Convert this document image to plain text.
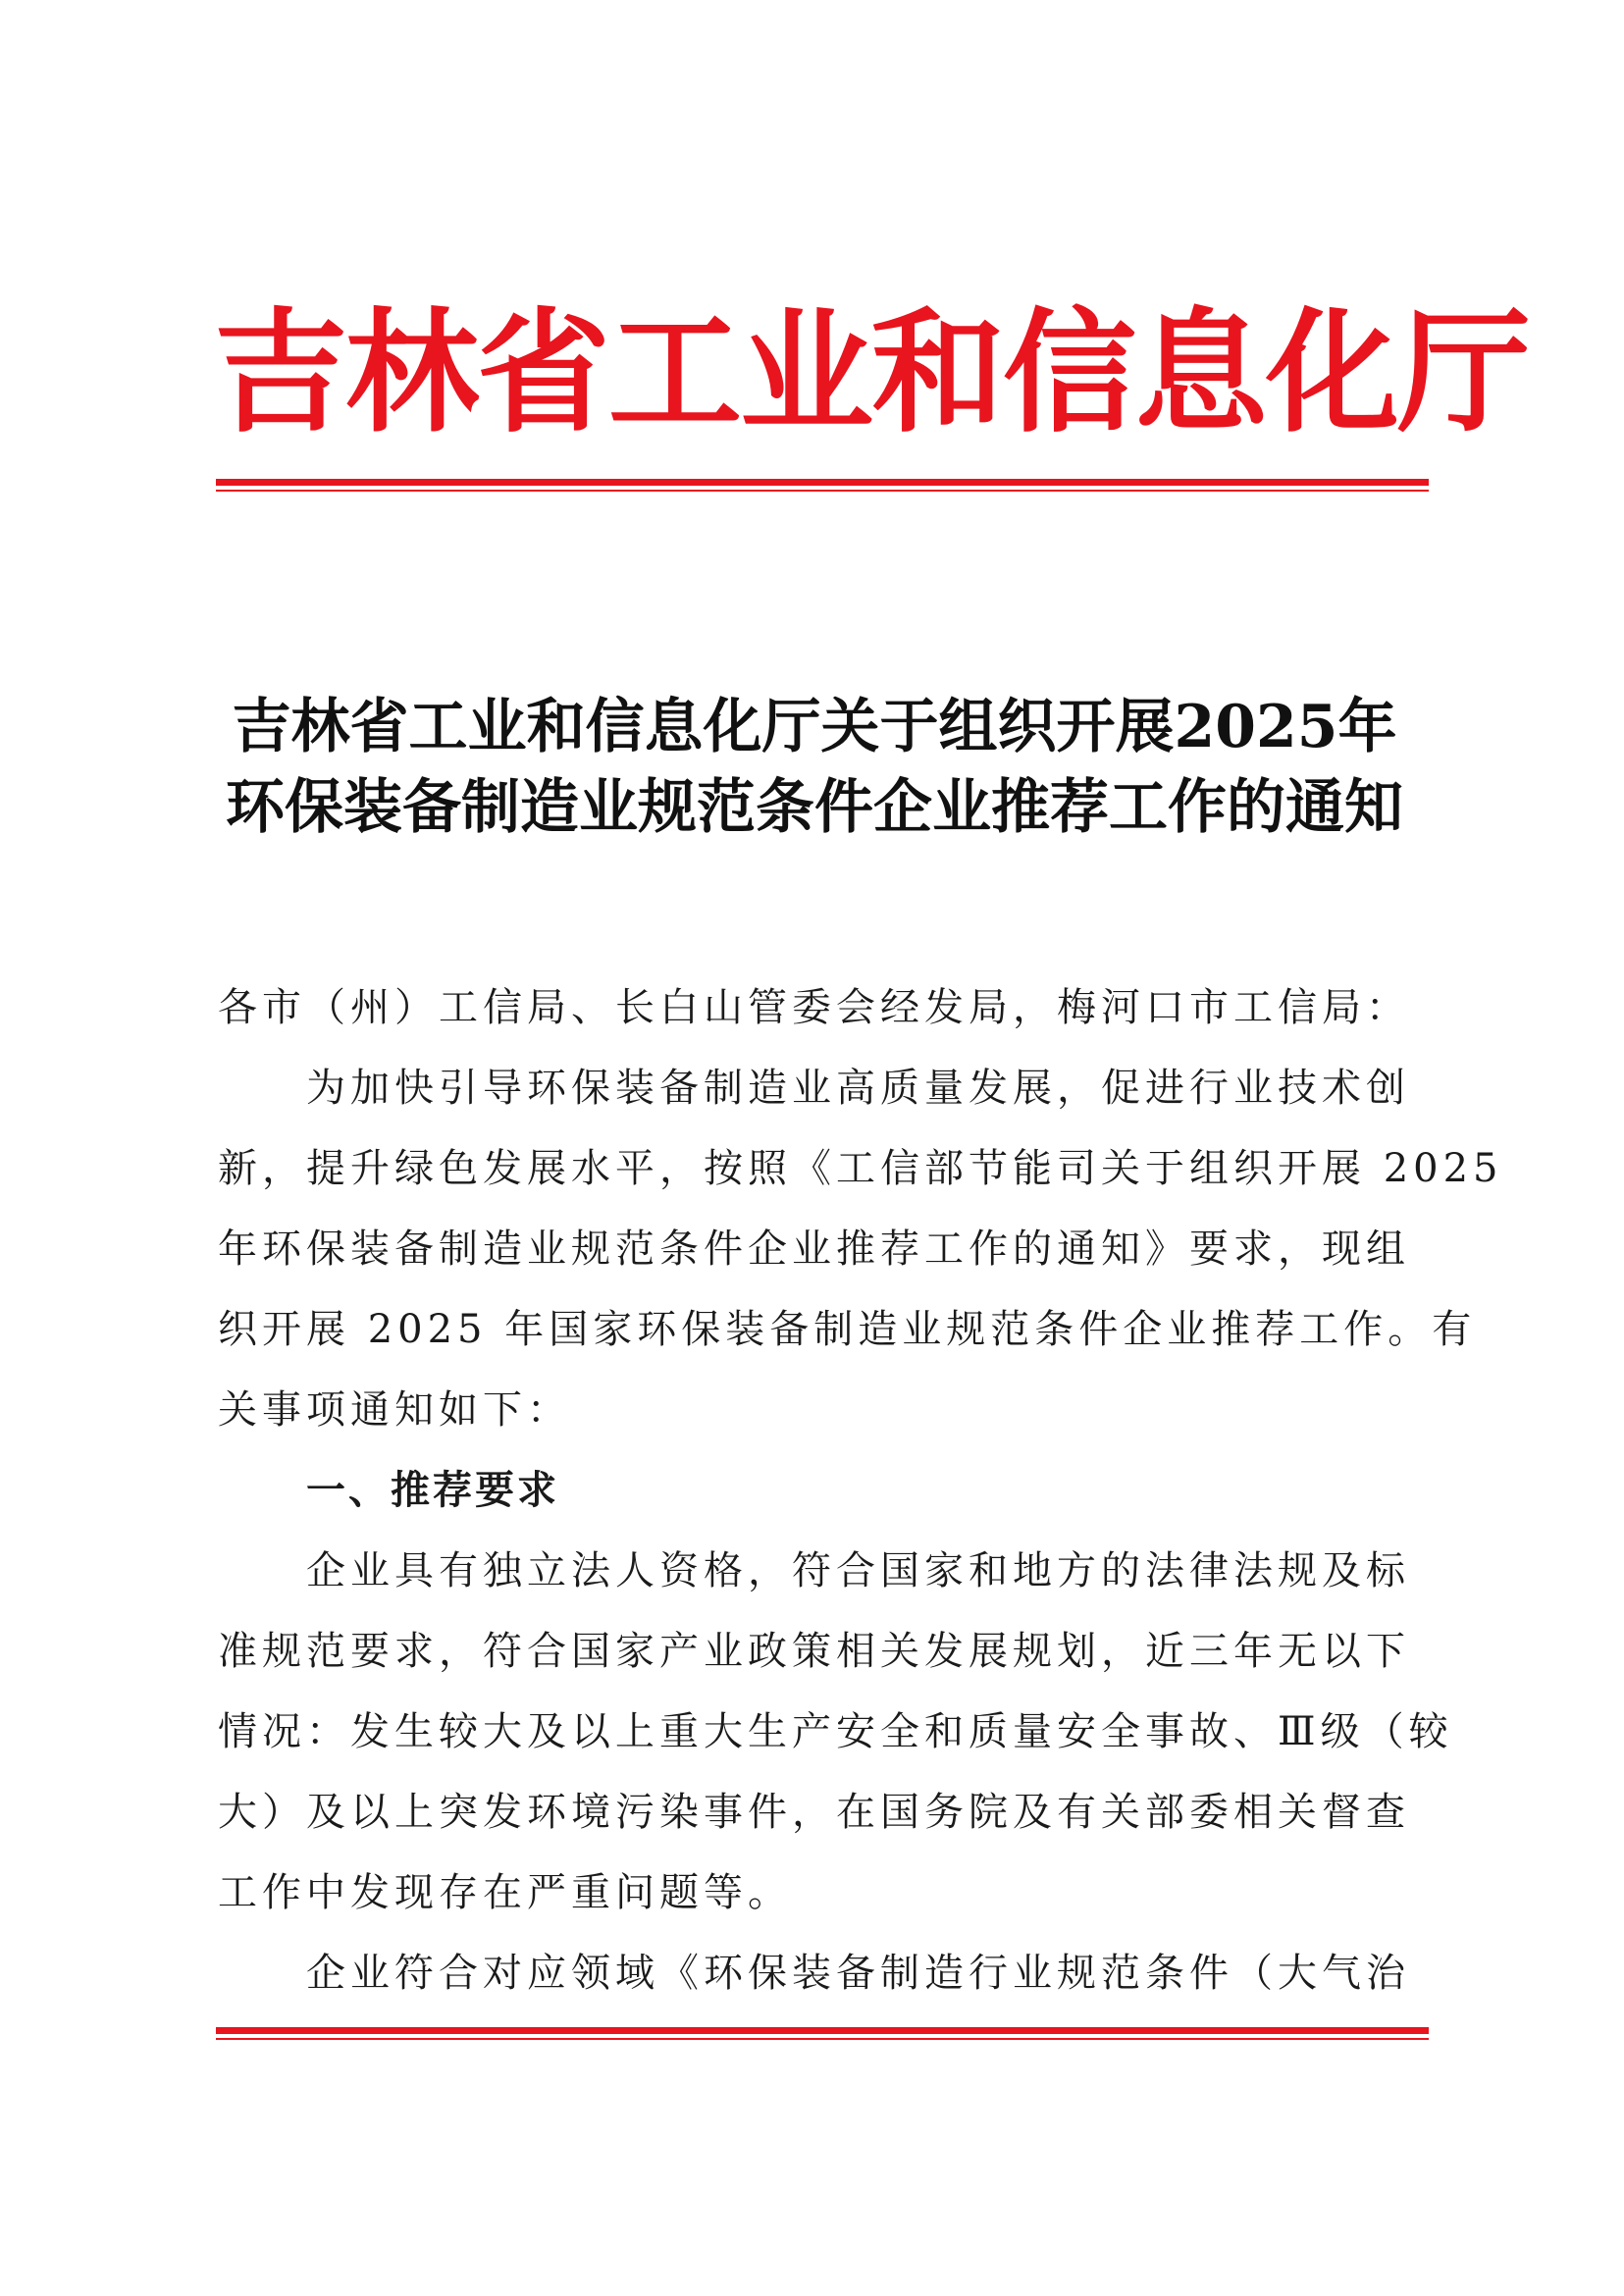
吉林省工业和信息化厅
吉林省工业和信息化厅关于组织开展2025年
环保装备制造业规范条件企业推荐工作的通知
各市（州）工信局、长白山管委会经发局，梅河口市工信局：
为加快引导环保装备制造业高质量发展，促进行业技术创
新，提升绿色发展水平，按照《工信部节能司关于组织开展 2025
年环保装备制造业规范条件企业推荐工作的通知》要求，现组
织开展 2025 年国家环保装备制造业规范条件企业推荐工作。有
关事项通知如下：
一、推荐要求
企业具有独立法人资格，符合国家和地方的法律法规及标
准规范要求，符合国家产业政策相关发展规划，近三年无以下
情况：发生较大及以上重大生产安全和质量安全事故、Ⅲ级（较
大）及以上突发环境污染事件，在国务院及有关部委相关督查
工作中发现存在严重问题等。
企业符合对应领域《环保装备制造行业规范条件（大气治
